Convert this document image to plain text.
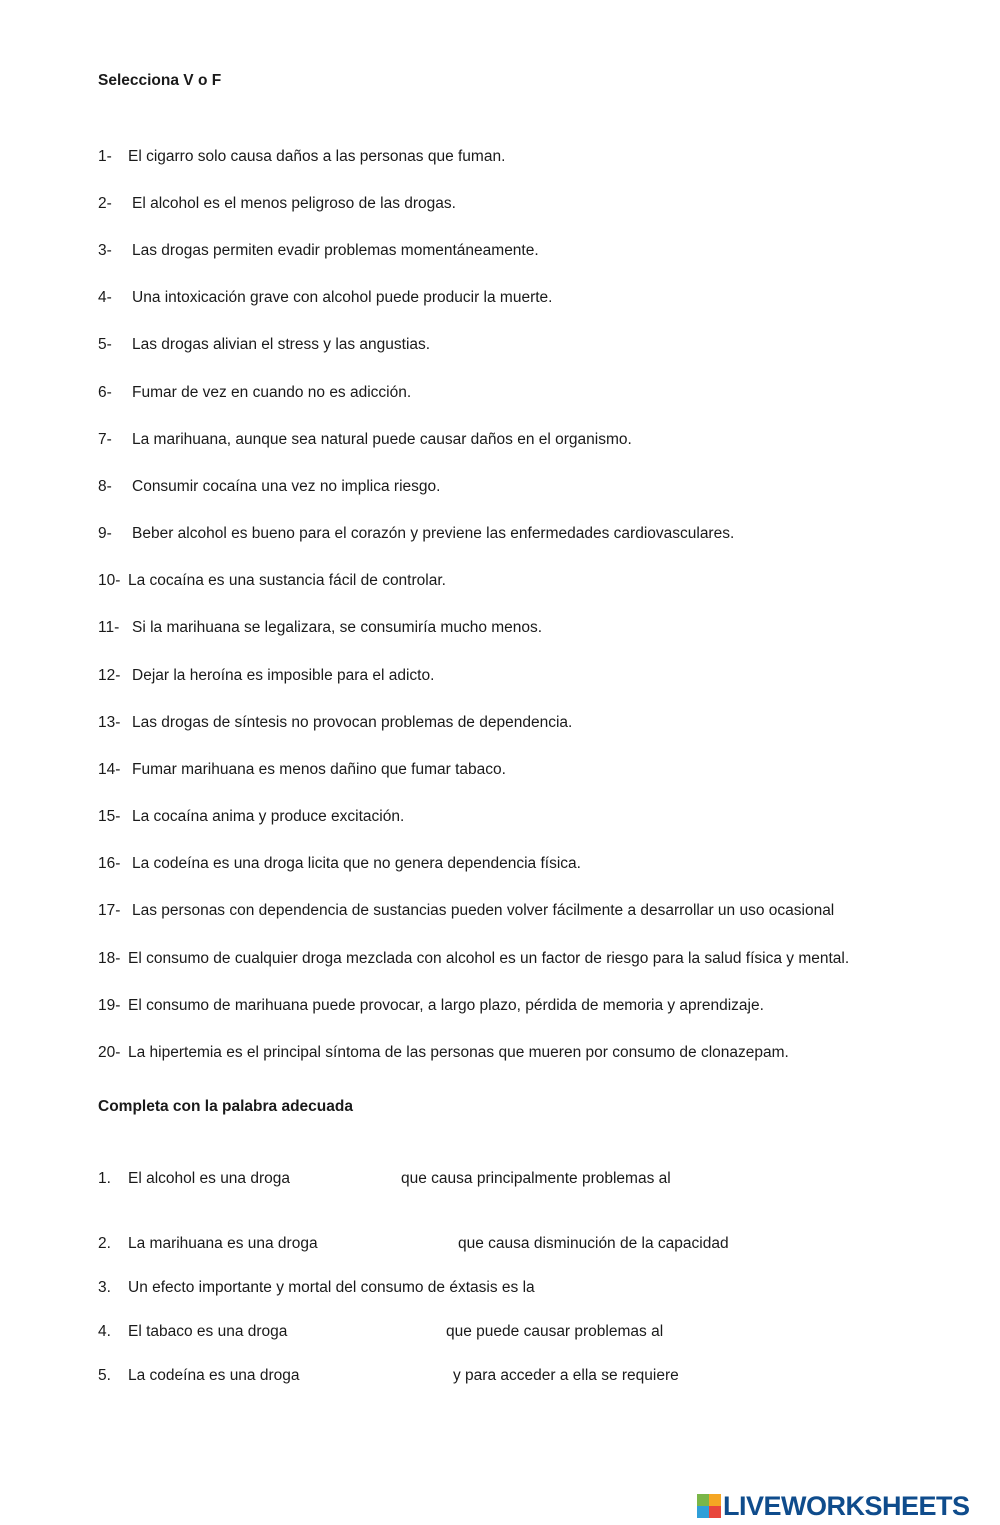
Selecciona V o F
1- El cigarro solo causa daños a las personas que fuman.
2- El alcohol es el menos peligroso de las drogas.
3- Las drogas permiten evadir problemas momentáneamente.
4- Una intoxicación grave con alcohol puede producir la muerte.
5- Las drogas alivian el stress y las angustias.
6- Fumar de vez en cuando no es adicción.
7- La marihuana, aunque sea natural puede causar daños en el organismo.
8- Consumir cocaína una vez no implica riesgo.
9- Beber alcohol es bueno para el corazón y previene las enfermedades cardiovasculares.
10- La cocaína es una sustancia fácil de controlar.
11- Si la marihuana se legalizara, se consumiría mucho menos.
12- Dejar la heroína es imposible para el adicto.
13- Las drogas de síntesis no provocan problemas de dependencia.
14- Fumar marihuana es menos dañino que fumar tabaco.
15- La cocaína anima y produce excitación.
16- La codeína es una droga licita que no genera dependencia física.
17- Las personas con dependencia de sustancias pueden volver fácilmente a desarrollar un uso ocasional
18- El consumo de cualquier droga mezclada con alcohol es un factor de riesgo para la salud física y mental.
19- El consumo de marihuana puede provocar, a largo plazo, pérdida de memoria y aprendizaje.
20- La hipertemia es el principal síntoma de las personas que mueren por consumo de clonazepam.
Completa con la palabra adecuada
1. El alcohol es una droga	que causa principalmente problemas al
2. La marihuana es una droga	que causa disminución de la capacidad
3. Un efecto importante y mortal del consumo de éxtasis es la
4. El tabaco es una droga	que puede causar problemas al
5. La codeína es una droga	y para acceder a ella se requiere
LIVEWORKSHEETS
